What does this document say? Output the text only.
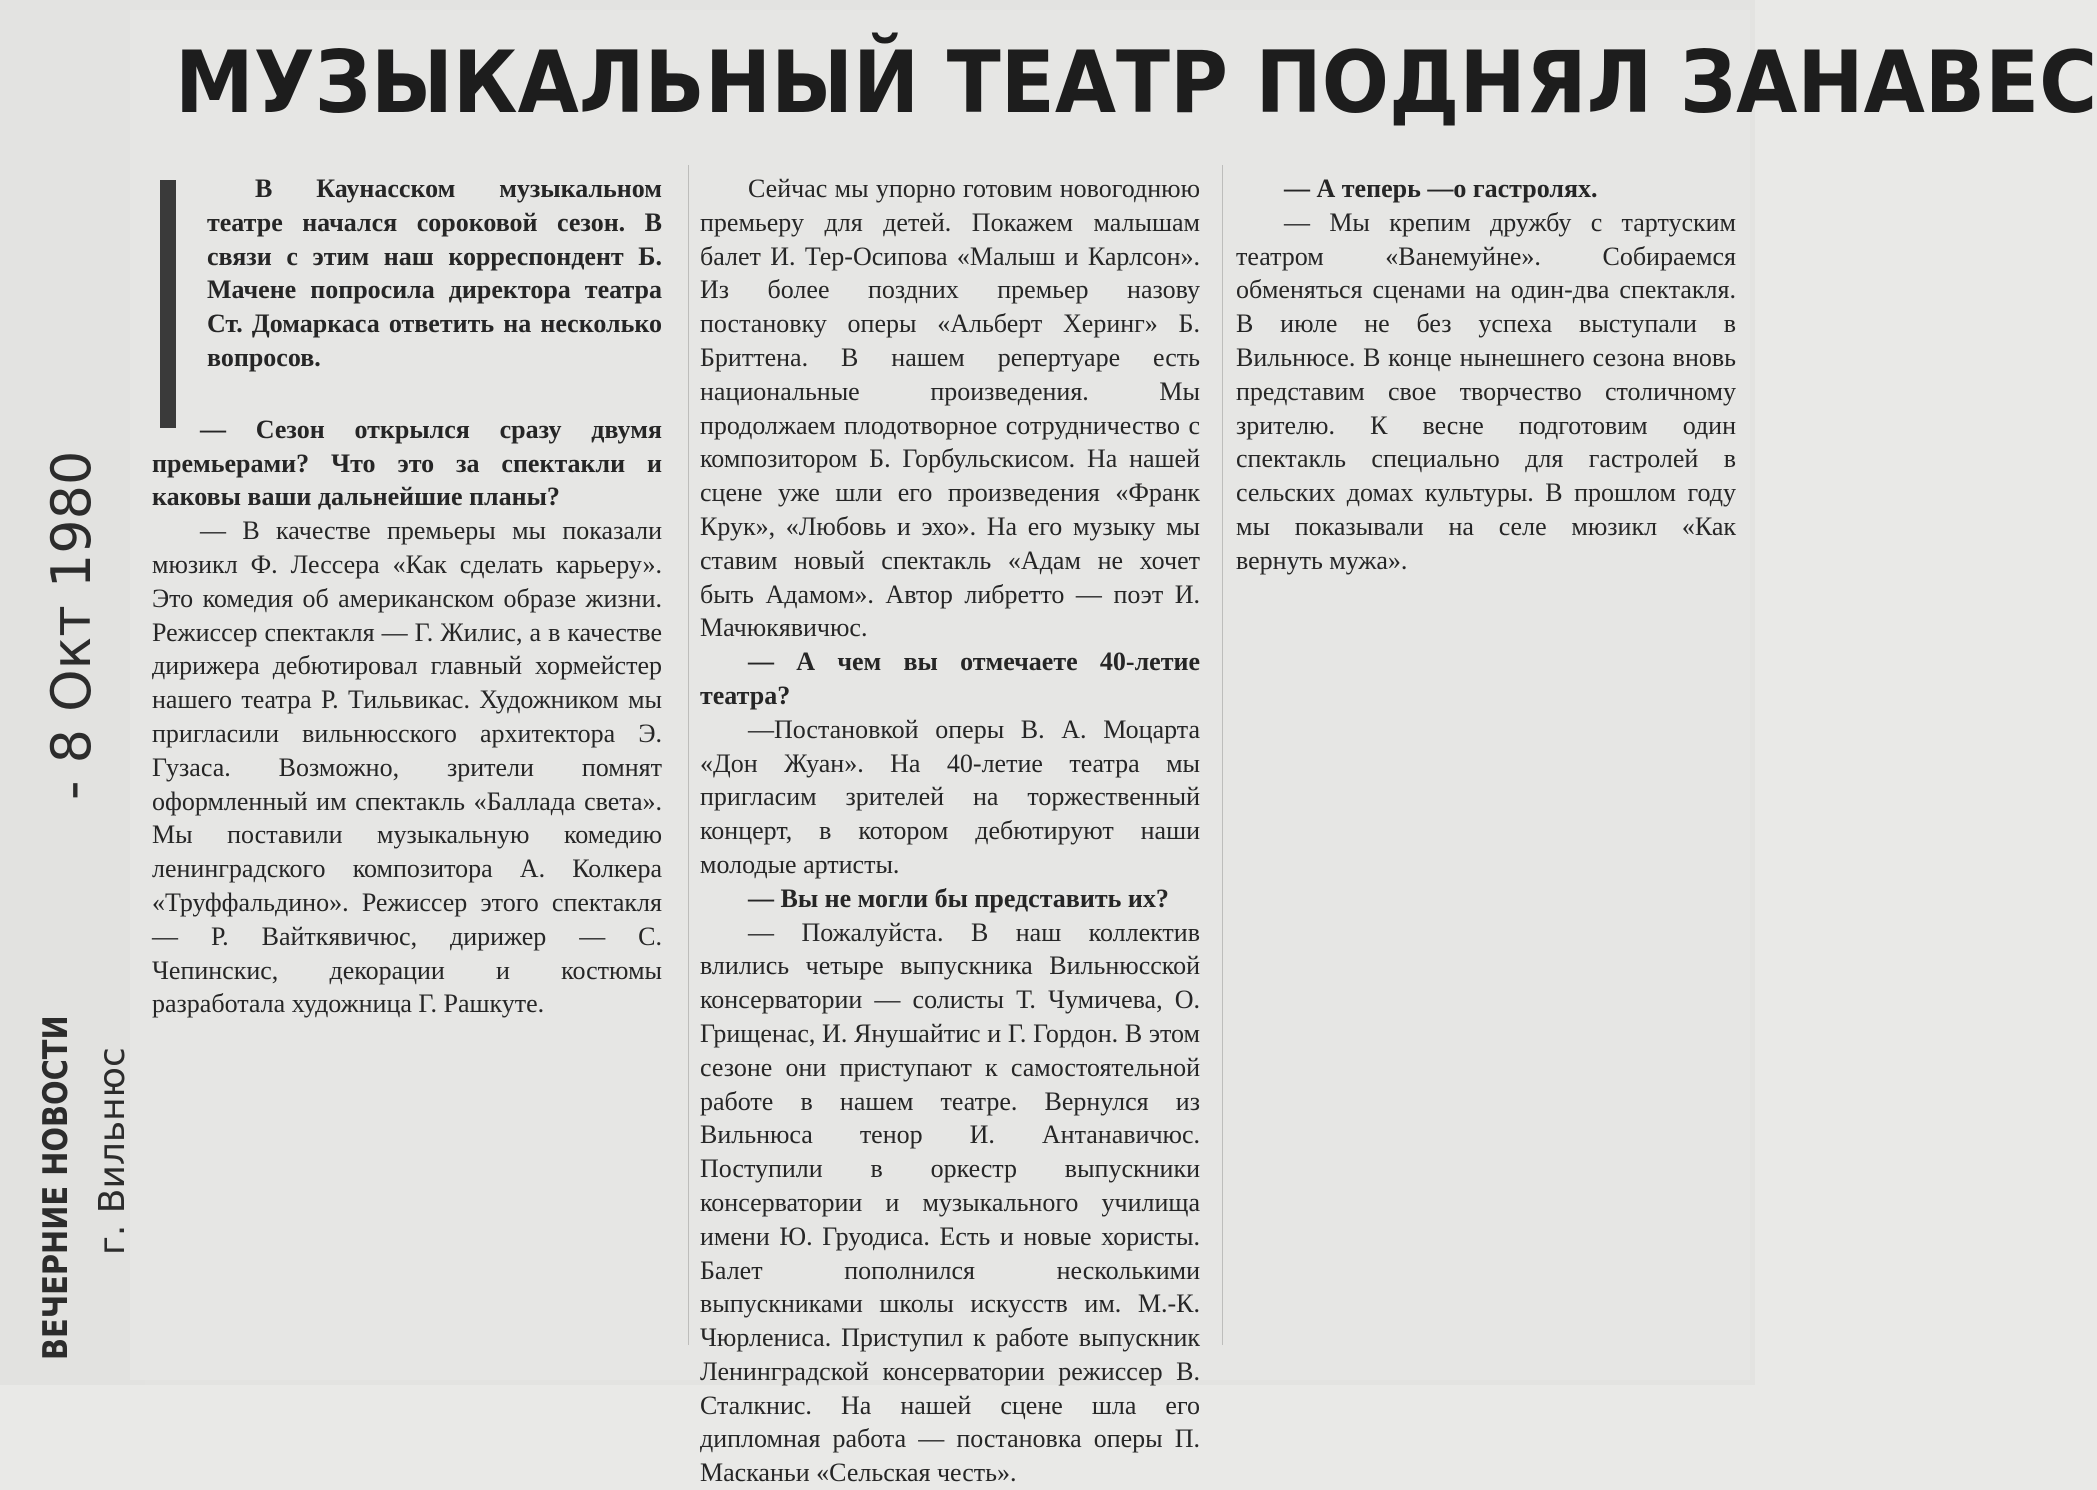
МУЗЫКАЛЬНЫЙ ТЕАТР ПОДНЯЛ ЗАНАВЕС

В Каунасском музыкальном театре начался сороковой сезон. В связи с этим наш корреспондент Б. Мачене попросила директора театра Ст. Домаркаса ответить на несколько вопросов.

— Сезон открылся сразу двумя премьерами? Что это за спектакли и каковы ваши дальнейшие планы?

— В качестве премьеры мы показали мюзикл Ф. Лессера «Как сделать карьеру». Это комедия об американском образе жизни. Режиссер спектакля — Г. Жилис, а в качестве дирижера дебютировал главный хормейстер нашего театра Р. Тильвикас. Художником мы пригласили вильнюсского архитектора Э. Гузаса. Возможно, зрители помнят оформленный им спектакль «Баллада света». Мы поставили музыкальную комедию ленинградского композитора А. Колкера «Труффальдино». Режиссер этого спектакля — Р. Вайткявичюс, дирижер — С. Чепинскис, декорации и костюмы разработала художница Г. Рашкуте.

Сейчас мы упорно готовим новогоднюю премьеру для детей. Покажем малышам балет И. Тер-Осипова «Малыш и Карлсон». Из более поздних премьер назову постановку оперы «Альберт Херинг» Б. Бриттена. В нашем репертуаре есть национальные произведения. Мы продолжаем плодотворное сотрудничество с композитором Б. Горбульскисом. На нашей сцене уже шли его произведения «Франк Крук», «Любовь и эхо». На его музыку мы ставим новый спектакль «Адам не хочет быть Адамом». Автор либретто — поэт И. Мачюкявичюс.

— А чем вы отмечаете 40-летие театра?

—Постановкой оперы В. А. Моцарта «Дон Жуан». На 40-летие театра мы пригласим зрителей на торжественный концерт, в котором дебютируют наши молодые артисты.

— Вы не могли бы представить их?

— Пожалуйста. В наш коллектив влились четыре выпускника Вильнюсской консерватории — солисты Т. Чумичева, О. Грищенас, И. Янушайтис и Г. Гордон. В этом сезоне они приступают к самостоятельной работе в нашем театре. Вернулся из Вильнюса тенор И. Антанавичюс. Поступили в оркестр выпускники консерватории и музыкального училища имени Ю. Груодиса. Есть и новые хористы. Балет пополнился несколькими выпускниками школы искусств им. М.-К. Чюрлениса. Приступил к работе выпускник Ленинградской консерватории режиссер В. Сталкнис. На нашей сцене шла его дипломная работа — постановка оперы П. Масканьи «Сельская честь».

— А теперь —о гастролях.

— Мы крепим дружбу с тартуским театром «Ванемуйне». Собираемся обменяться сценами на один-два спектакля. В июле не без успеха выступали в Вильнюсе. В конце нынешнего сезона вновь представим свое творчество столичному зрителю. К весне подготовим один спектакль специально для гастролей в сельских домах культуры. В прошлом году мы показывали на селе мюзикл «Как вернуть мужа».

- 8 Окт 1980
ВЕЧЕРНИЕ НОВОСТИ г. Вильнюс
